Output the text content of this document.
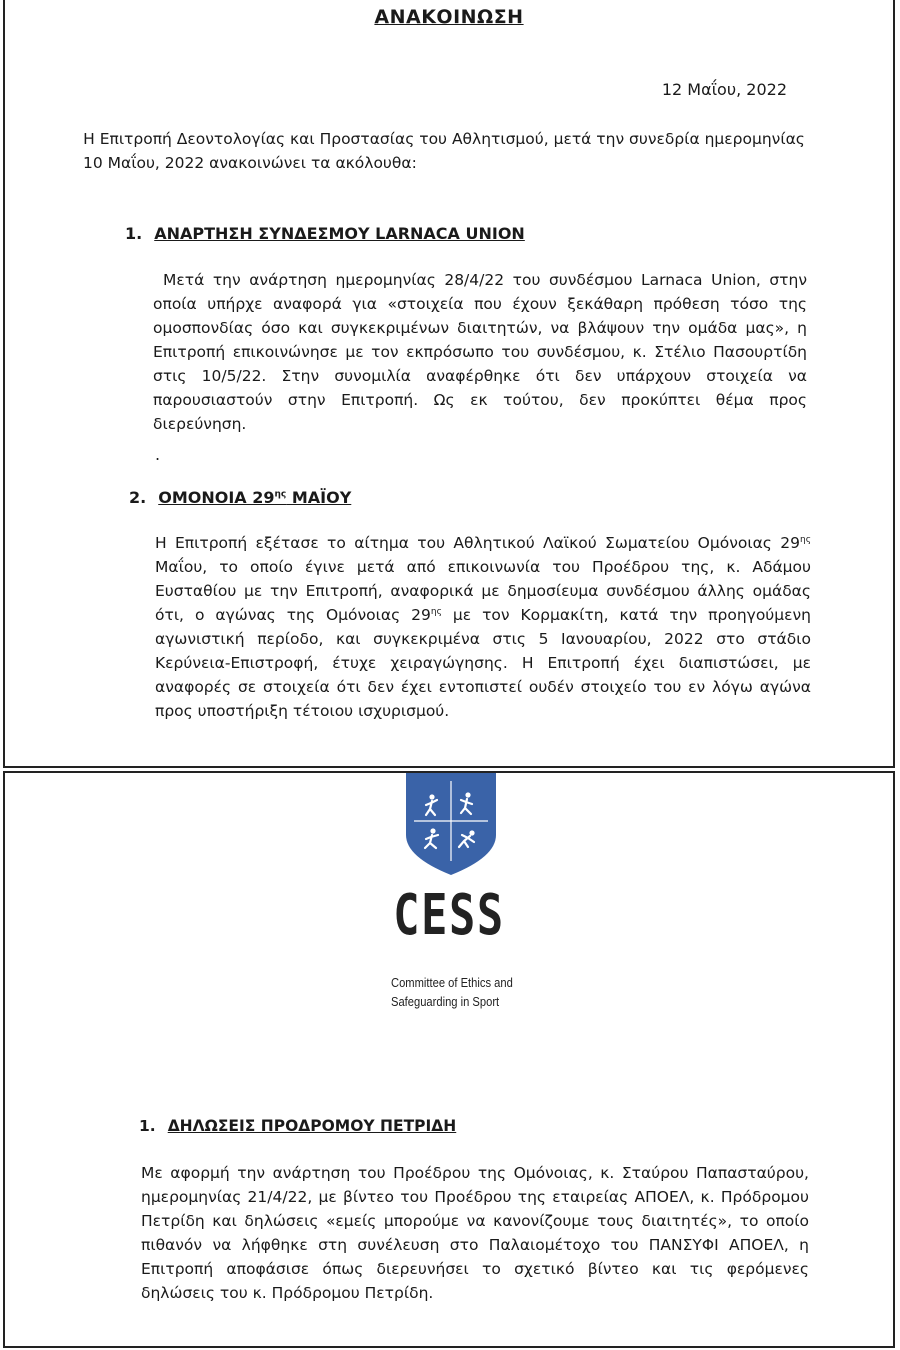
ΑΝΑΚΟΙΝΩΣΗ
12 Μαΐου, 2022
Η Επιτροπή Δεοντολογίας και Προστασίας του Αθλητισμού, μετά την συνεδρία ημερομηνίας 10 Μαΐου, 2022 ανακοινώνει τα ακόλουθα:
1. ΑΝΑΡΤΗΣΗ ΣΥΝΔΕΣΜΟΥ LARNACA UNION
Μετά την ανάρτηση ημερομηνίας 28/4/22 του συνδέσμου Larnaca Union, στην οποία υπήρχε αναφορά για «στοιχεία που έχουν ξεκάθαρη πρόθεση τόσο της ομοσπονδίας όσο και συγκεκριμένων διαιτητών, να βλάψουν την ομάδα μας», η Επιτροπή επικοινώνησε με τον εκπρόσωπο του συνδέσμου, κ. Στέλιο Πασουρτίδη στις 10/5/22. Στην συνομιλία αναφέρθηκε ότι δεν υπάρχουν στοιχεία να παρουσιαστούν στην Επιτροπή. Ως εκ τούτου, δεν προκύπτει θέμα προς διερεύνηση.
.
2. ΟΜΟΝΟΙΑ $29^{\eta\varsigma}$ ΜΑΪΟΥ
Η Επιτροπή εξέτασε το αίτημα του Αθλητικού Λαϊκού Σωματείου Ομόνοιας $29^{\eta\varsigma}$ Μαΐου, το οποίο έγινε μετά από επικοινωνία του Προέδρου της, κ. Αδάμου Ευσταθίου με την Επιτροπή, αναφορικά με δημοσίευμα συνδέσμου άλλης ομάδας ότι, ο αγώνας της Ομόνοιας $29^{\eta\varsigma}$ με τον Κορμακίτη, κατά την προηγούμενη αγωνιστική περίοδο, και συγκεκριμένα στις 5 Ιανουαρίου, 2022 στο στάδιο Κερύνεια-Επιστροφή, έτυχε χειραγώγησης. Η Επιτροπή έχει διαπιστώσει, με αναφορές σε στοιχεία ότι δεν έχει εντοπιστεί ουδέν στοιχείο του εν λόγω αγώνα προς υποστήριξη τέτοιου ισχυρισμού.
CESS
Committee of Ethics and
Safeguarding in Sport
1. ΔΗΛΩΣΕΙΣ ΠΡΟΔΡΟΜΟΥ ΠΕΤΡΙΔΗ
Με αφορμή την ανάρτηση του Προέδρου της Ομόνοιας, κ. Σταύρου Παπασταύρου, ημερομηνίας 21/4/22, με βίντεο του Προέδρου της εταιρείας ΑΠΟΕΛ, κ. Πρόδρομου Πετρίδη και δηλώσεις «εμείς μπορούμε να κανονίζουμε τους διαιτητές», το οποίο πιθανόν να λήφθηκε στη συνέλευση στο Παλαιομέτοχο του ΠΑΝΣΥΦΙ ΑΠΟΕΛ, η Επιτροπή αποφάσισε όπως διερευνήσει το σχετικό βίντεο και τις φερόμενες δηλώσεις του κ. Πρόδρομου Πετρίδη.
